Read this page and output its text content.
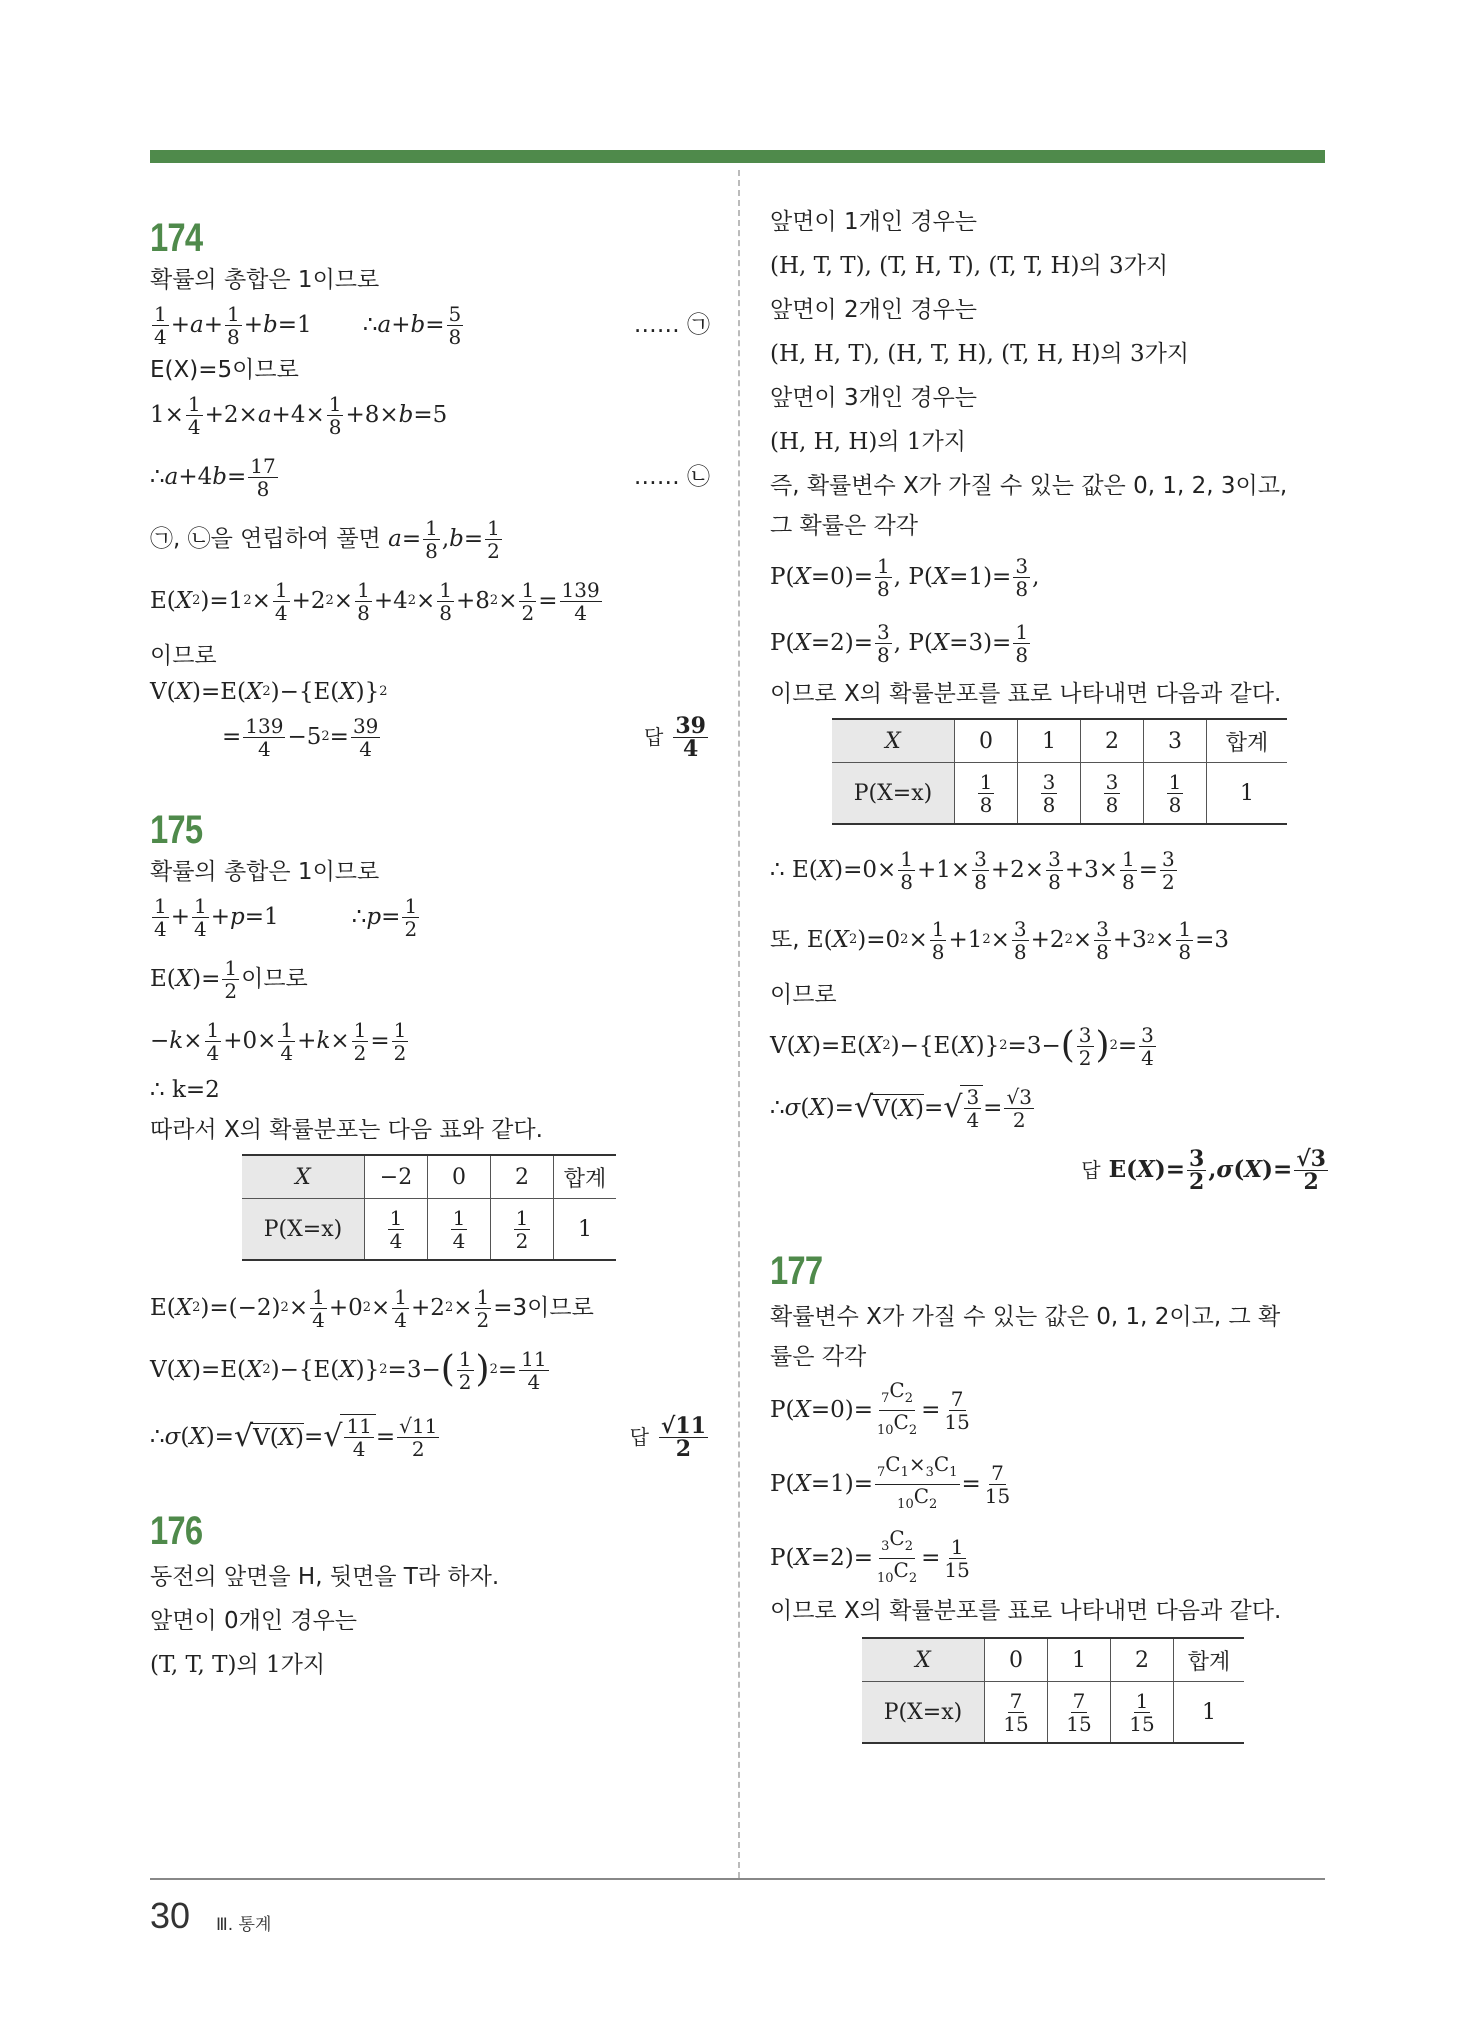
174
확률의 총합은 1이므로
$\frac{1}{4} + a + \frac{1}{8} + b =1$       ∴ $a + b = \frac{5}{8}$	…… ㉠
E(X)=5이므로
$1\times \frac{1}{4} +2\times a +4\times \frac{1}{8} +8\times b =5$
∴ a +4 $b = \frac{17}{8}$	…… ㉡
㉠, ㉡을 연립하여 풀면
$a = \frac{1}{8}$ , $b = \frac{1}{2}$
E( X 2 )=1 $2 \times \frac{1}{4} +2$ $2 \times \frac{1}{8} +4$ $2 \times \frac{1}{8} +8$ $2 \times \frac{1}{2} = \frac{139}{4}$
이므로
V( X )=E( X 2 )−{E( X )} 2
= $\frac{139}{4} -5$ $2 = \frac{39}{4}$	답 $\frac{39}{4}$
175
확률의 총합은 1이므로
$\frac{1}{4} + \frac{1}{4} + p =1$          ∴ $p = \frac{1}{2}$
E( X )= $\frac{1}{2}$ 이므로
− $k \times \frac{1}{4} +0\times \frac{1}{4} + k \times \frac{1}{2} = \frac{1}{2}$
∴ k=2
따라서 X의 확률분포는 다음 표와 같다.
X	−2	0	2	합계
P(X=x)	$\frac{1}{4}$	$\frac{1}{4}$	$\frac{1}{2}$	1
E( X 2 )=(−2) $2 \times \frac{1}{4} +0$ $2 \times \frac{1}{4} +2$ $2 \times \frac{1}{2} =3$이므로
V( X )=E( X 2 )−{E( X )} 2 =3− ( $\frac{1}{2}$ ) $2 = \frac{11}{4}$
∴ σ ( X )= √ V( X ) = √ $\frac{11}{4} = \frac{√11}{2}$	답 $\frac{√11}{2}$
176
동전의 앞면을 H, 뒷면을 T라 하자.
앞면이 0개인 경우는
(T, T, T)의 1가지
앞면이 1개인 경우는
(H, T, T), (T, H, T), (T, T, H)의 3가지
앞면이 2개인 경우는
(H, H, T), (H, T, H), (T, H, H)의 3가지
앞면이 3개인 경우는
(H, H, H)의 1가지
즉, 확률변수 X가 가질 수 있는 값은 0, 1, 2, 3이고,
그 확률은 각각
P( $X =0)= \frac{1}{8}$ , P( $X =1)= \frac{3}{8}$ ,
P( $X =2)= \frac{3}{8}$ , P( $X =3)= \frac{1}{8}$
이므로 X의 확률분포를 표로 나타내면 다음과 같다.
X	0	1	2	3	합계
P(X=x)	$\frac{1}{8}$	$\frac{3}{8}$	$\frac{3}{8}$	$\frac{1}{8}$	1
∴ E( X )$=0\times \frac{1}{8} +1\times \frac{3}{8} +2\times \frac{3}{8} +3\times \frac{1}{8} = \frac{3}{2}$
또, E( X 2 )=0 $2 \times \frac{1}{8} +1$ $2 \times \frac{3}{8} +2$ $2 \times \frac{3}{8} +3$ $2 \times \frac{1}{8} =3$
이므로
V( X )=E( X 2 )−{E( X )} 2 =3− ( $\frac{3}{2}$ ) $2 = \frac{3}{4}$
∴ σ ( X )= √ V( X ) = √ $\frac{3}{4} = \frac{√3}{2}$
답 E( X )= $\frac{3}{2}$ , σ ( X )= $\frac{√3}{2}$
177
확률변수 X가 가질 수 있는 값은 0, 1, 2이고, 그 확
률은 각각
P( $X =0)= \frac{_7C_2}{_{10}C_2} = \frac{7}{15}$
P( $X =1)= \frac{_7C_1\times_3C_1}{_{10}C_2} = \frac{7}{15}$
P( $X =2)= \frac{_3C_2}{_{10}C_2} = \frac{1}{15}$
이므로 X의 확률분포를 표로 나타내면 다음과 같다.
X	0	1	2	합계
P(X=x)	$\frac{7}{15}$	$\frac{7}{15}$	$\frac{1}{15}$	1
30 Ⅲ. 통계
